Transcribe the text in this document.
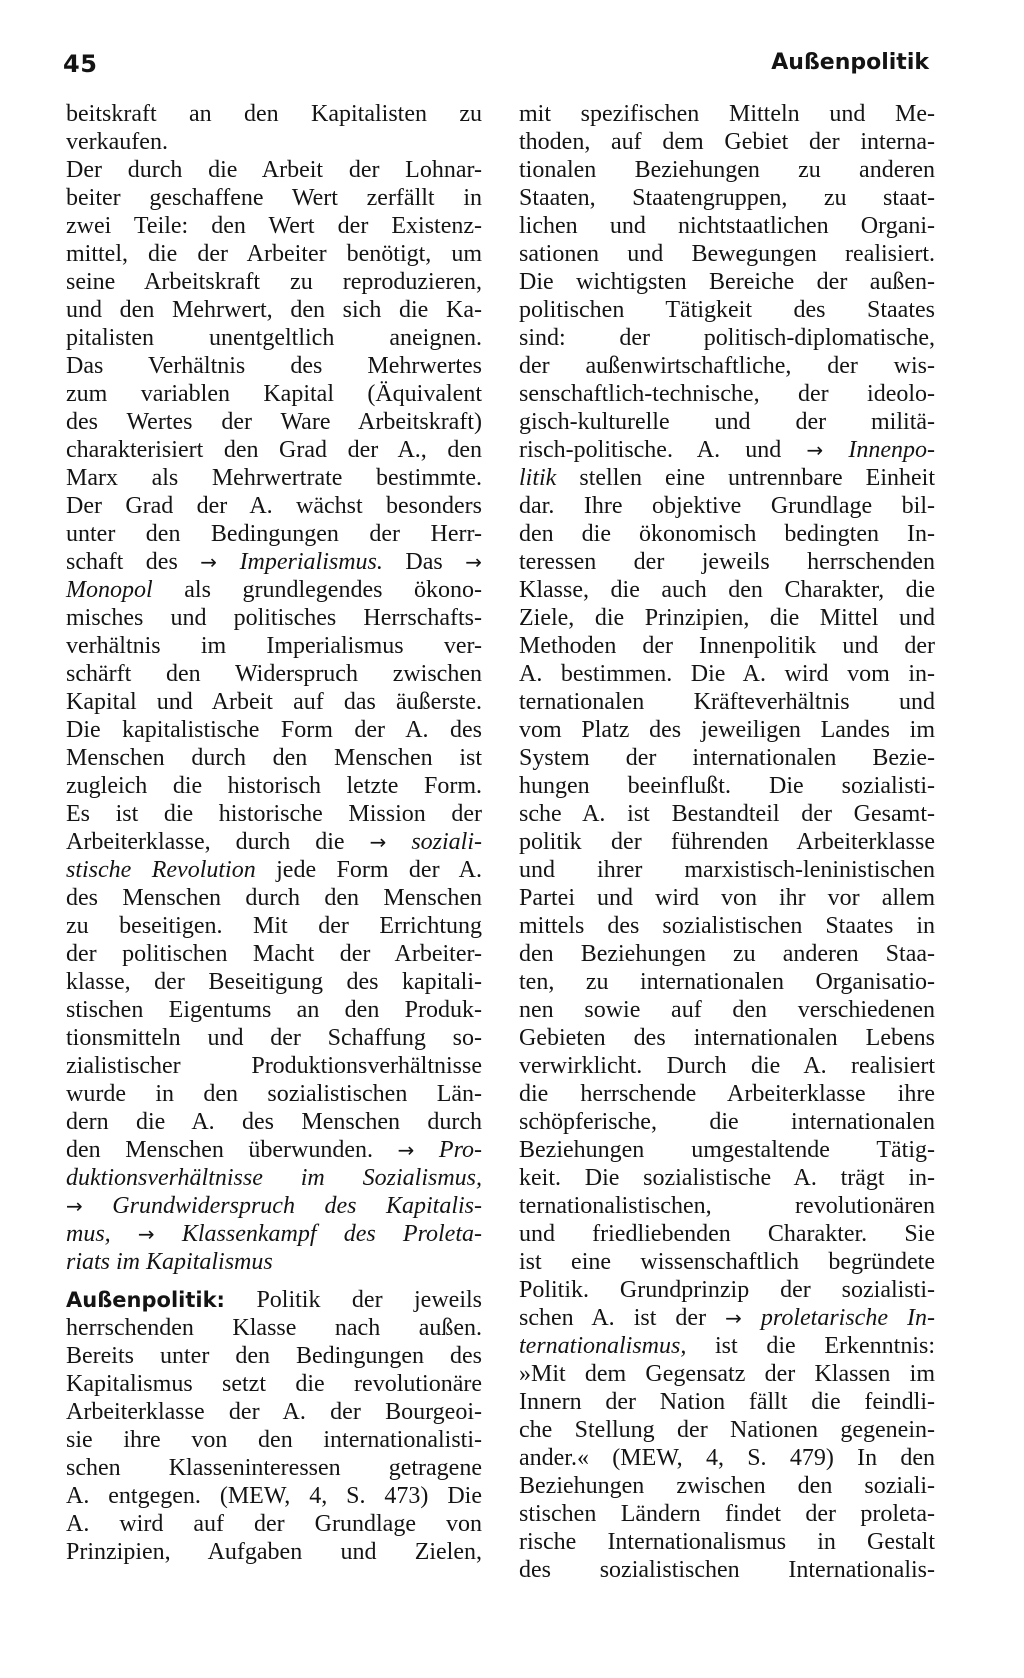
45	Außenpolitik
beitskraft an den Kapitalisten zu
verkaufen.
Der durch die Arbeit der Lohnar-
beiter geschaffene Wert zerfällt in
zwei Teile: den Wert der Existenz-
mittel, die der Arbeiter benötigt, um
seine Arbeitskraft zu reproduzieren,
und den Mehrwert, den sich die Ka-
pitalisten unentgeltlich aneignen.
Das Verhältnis des Mehrwertes
zum variablen Kapital (Äquivalent
des Wertes der Ware Arbeitskraft)
charakterisiert den Grad der A., den
Marx als Mehrwertrate bestimmte.
Der Grad der A. wächst besonders
unter den Bedingungen der Herr-
schaft des → Imperialismus. Das →
Monopol als grundlegendes ökono-
misches und politisches Herrschafts-
verhältnis im Imperialismus ver-
schärft den Widerspruch zwischen
Kapital und Arbeit auf das äußerste.
Die kapitalistische Form der A. des
Menschen durch den Menschen ist
zugleich die historisch letzte Form.
Es ist die historische Mission der
Arbeiterklasse, durch die → soziali-
stische Revolution jede Form der A.
des Menschen durch den Menschen
zu beseitigen. Mit der Errichtung
der politischen Macht der Arbeiter-
klasse, der Beseitigung des kapitali-
stischen Eigentums an den Produk-
tionsmitteln und der Schaffung so-
zialistischer Produktionsverhältnisse
wurde in den sozialistischen Län-
dern die A. des Menschen durch
den Menschen überwunden. → Pro-
duktionsverhältnisse im Sozialismus,
→ Grundwiderspruch des Kapitalis-
mus, → Klassenkampf des Proleta-
riats im Kapitalismus
Außenpolitik: Politik der jeweils
herrschenden Klasse nach außen.
Bereits unter den Bedingungen des
Kapitalismus setzt die revolutionäre
Arbeiterklasse der A. der Bourgeoi-
sie ihre von den internationalisti-
schen Klasseninteressen getragene
A. entgegen. (MEW, 4, S. 473) Die
A. wird auf der Grundlage von
Prinzipien, Aufgaben und Zielen,
mit spezifischen Mitteln und Me-
thoden, auf dem Gebiet der interna-
tionalen Beziehungen zu anderen
Staaten, Staatengruppen, zu staat-
lichen und nichtstaatlichen Organi-
sationen und Bewegungen realisiert.
Die wichtigsten Bereiche der außen-
politischen Tätigkeit des Staates
sind: der politisch-diplomatische,
der außenwirtschaftliche, der wis-
senschaftlich-technische, der ideolo-
gisch-kulturelle und der militä-
risch-politische. A. und → Innenpo-
litik stellen eine untrennbare Einheit
dar. Ihre objektive Grundlage bil-
den die ökonomisch bedingten In-
teressen der jeweils herrschenden
Klasse, die auch den Charakter, die
Ziele, die Prinzipien, die Mittel und
Methoden der Innenpolitik und der
A. bestimmen. Die A. wird vom in-
ternationalen Kräfteverhältnis und
vom Platz des jeweiligen Landes im
System der internationalen Bezie-
hungen beeinflußt. Die sozialisti-
sche A. ist Bestandteil der Gesamt-
politik der führenden Arbeiterklasse
und ihrer marxistisch-leninistischen
Partei und wird von ihr vor allem
mittels des sozialistischen Staates in
den Beziehungen zu anderen Staa-
ten, zu internationalen Organisatio-
nen sowie auf den verschiedenen
Gebieten des internationalen Lebens
verwirklicht. Durch die A. realisiert
die herrschende Arbeiterklasse ihre
schöpferische, die internationalen
Beziehungen umgestaltende Tätig-
keit. Die sozialistische A. trägt in-
ternationalistischen, revolutionären
und friedliebenden Charakter. Sie
ist eine wissenschaftlich begründete
Politik. Grundprinzip der sozialisti-
schen A. ist der → proletarische In-
ternationalismus, ist die Erkenntnis:
»Mit dem Gegensatz der Klassen im
Innern der Nation fällt die feindli-
che Stellung der Nationen gegenein-
ander.« (MEW, 4, S. 479) In den
Beziehungen zwischen den soziali-
stischen Ländern findet der proleta-
rische Internationalismus in Gestalt
des sozialistischen Internationalis-
